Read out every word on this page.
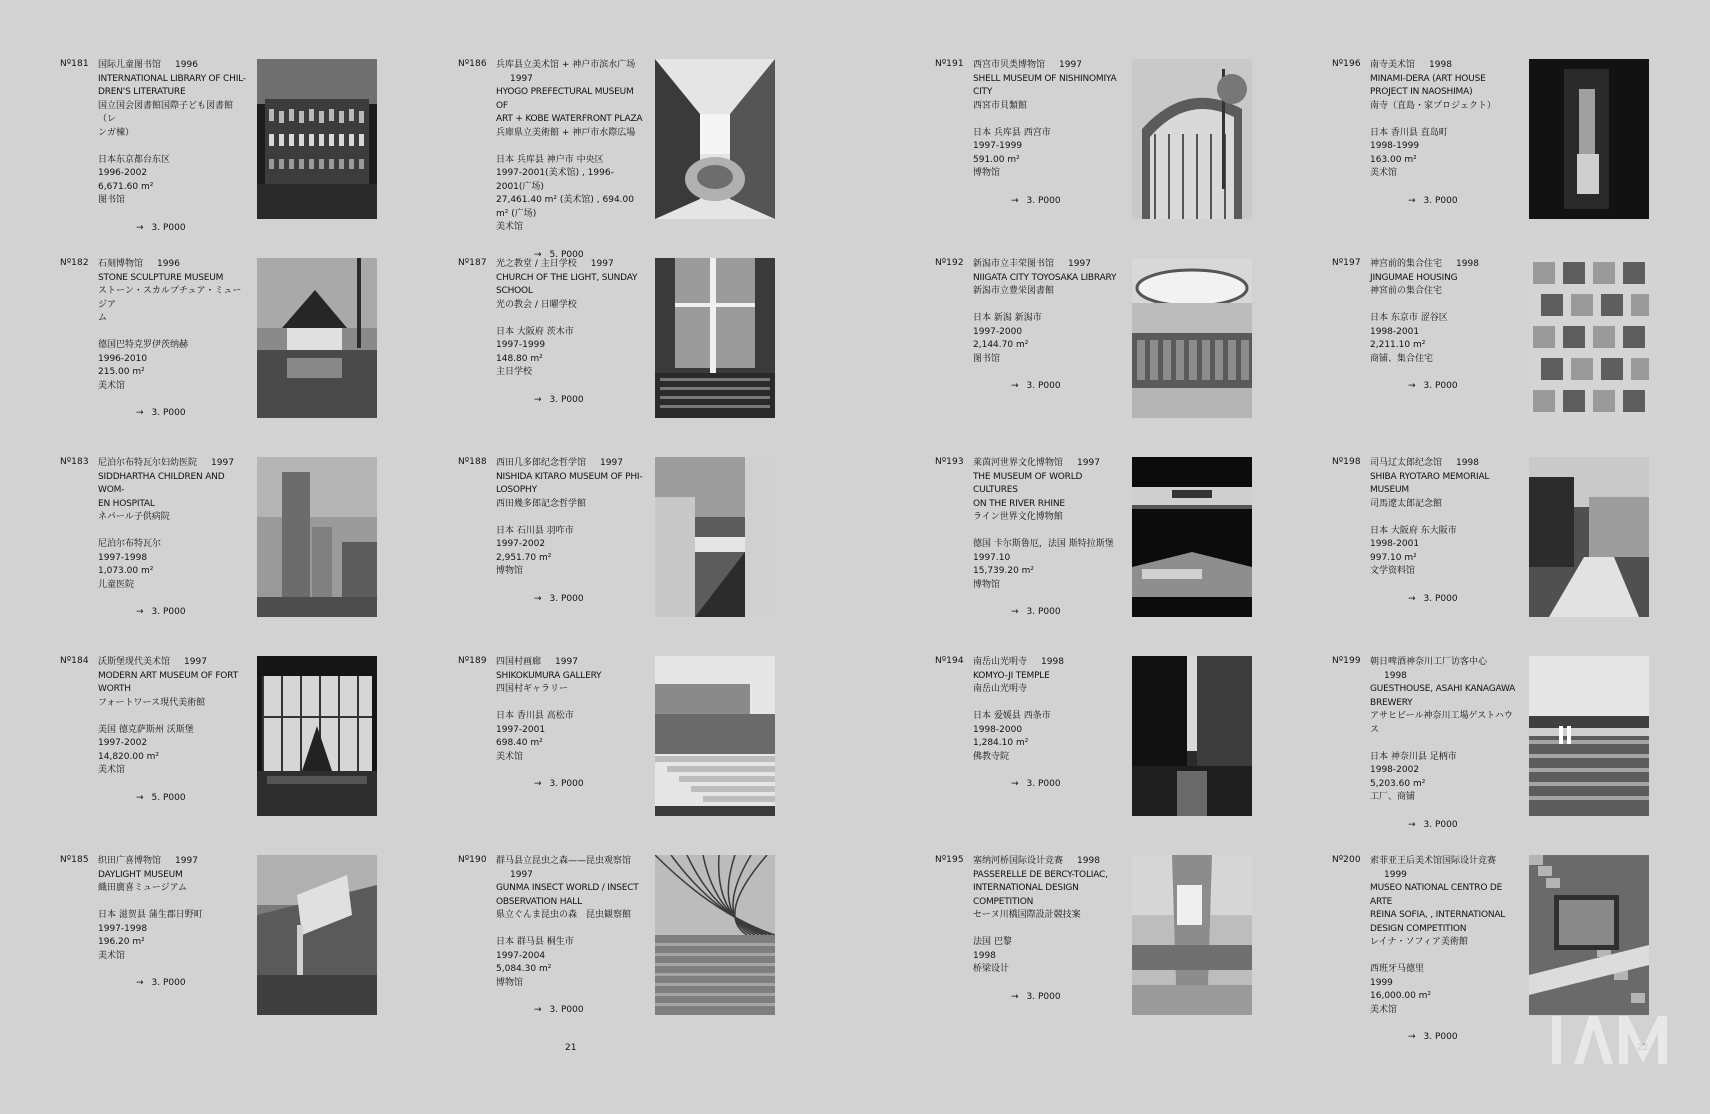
21
Nº181 国际儿童图书馆 1996
INTERNATIONAL LIBRARY OF CHIL-
DREN'S LITERATURE
国立国会図書館国際子ども図書館（レ
ンガ棟）
日本东京都台东区
1996-2002
6,671.60 m²
图书馆
→ 3. P000
Nº182 石刻博物馆 1996
STONE SCULPTURE MUSEUM
ストーン・スカルプチュア・ミュージア
ム
德国巴特克罗伊茨纳赫
1996-2010
215.00 m²
美术馆
→ 3. P000
Nº183 尼泊尔布特瓦尔妇幼医院 1997
SIDDHARTHA CHILDREN AND WOM-
EN HOSPITAL
ネパール子供病院
尼泊尔布特瓦尔
1997-1998
1,073.00 m²
儿童医院
→ 3. P000
Nº184 沃斯堡现代美术馆 1997
MODERN ART MUSEUM OF FORT
WORTH
フォートワース現代美術館
美国 德克萨斯州 沃斯堡
1997-2002
14,820.00 m²
美术馆
→ 5. P000
Nº185 织田广喜博物馆 1997
DAYLIGHT MUSEUM
織田廣喜ミュージアム
日本 滋贺县 蒲生郡日野町
1997-1998
196.20 m²
美术馆
→ 3. P000
Nº186 兵库县立美术馆 + 神户市滨水广场1997
HYOGO PREFECTURAL MUSEUM OF
ART + KOBE WATERFRONT PLAZA
兵庫県立美術館 + 神戸市水際広場
日本 兵库县 神户市 中央区
1997-2001(美术馆) , 1996-2001(广场)
27,461.40 m² (美术馆) , 694.00 m² (广场)
美术馆
→ 5. P000
Nº187 光之教堂 / 主日学校 1997
CHURCH OF THE LIGHT, SUNDAY
SCHOOL
光の教会 / 日曜学校
日本 大阪府 茨木市
1997-1999
148.80 m²
主日学校
→ 3. P000
Nº188 西田几多郎纪念哲学馆 1997
NISHIDA KITARO MUSEUM OF PHI-
LOSOPHY
西田幾多郎記念哲学館
日本 石川县 羽咋市
1997-2002
2,951.70 m²
博物馆
→ 3. P000
Nº189 四国村画廊 1997
SHIKOKUMURA GALLERY
四国村ギャラリー
日本 香川县 高松市
1997-2001
698.40 m²
美术馆
→ 3. P000
Nº190 群马县立昆虫之森——昆虫观察馆1997
GUNMA INSECT WORLD / INSECT
OBSERVATION HALL
県立ぐんま昆虫の森　昆虫観察館
日本 群马县 桐生市
1997-2004
5,084.30 m²
博物馆
→ 3. P000
Nº191 西宫市贝类博物馆 1997
SHELL MUSEUM OF NISHINOMIYA
CITY
西宮市貝類館
日本 兵库县 西宫市
1997-1999
591.00 m²
博物馆
→ 3. P000
Nº192 新潟市立丰荣图书馆 1997
NIIGATA CITY TOYOSAKA LIBRARY
新潟市立豊栄図書館
日本 新潟 新潟市
1997-2000
2,144.70 m²
图书馆
→ 3. P000
Nº193 莱茵河世界文化博物馆 1997
THE MUSEUM OF WORLD CULTURES
ON THE RIVER RHINE
ライン世界文化博物館
德国 卡尔斯鲁厄，法国 斯特拉斯堡
1997.10
15,739.20 m²
博物馆
→ 3. P000
Nº194 南岳山光明寺 1998
KOMYO-JI TEMPLE
南岳山光明寺
日本 爱媛县 西条市
1998-2000
1,284.10 m²
佛教寺院
→ 3. P000
Nº195 塞纳河桥国际设计竞赛 1998
PASSERELLE DE BERCY-TOLIAC,
INTERNATIONAL DESIGN
COMPETITION
セーヌ川橋国際設計競技案
法国 巴黎
1998
桥梁设计
→ 3. P000
Nº196 南寺美术馆 1998
MINAMI-DERA (ART HOUSE
PROJECT IN NAOSHIMA)
南寺（直島・家プロジェクト）
日本 香川县 直岛町
1998-1999
163.00 m²
美术馆
→ 3. P000
Nº197 神宫前的集合住宅 1998
JINGUMAE HOUSING
神宮前の集合住宅
日本 东京市 涩谷区
1998-2001
2,211.10 m²
商铺、集合住宅
→ 3. P000
Nº198 司马辽太郎纪念馆 1998
SHIBA RYOTARO MEMORIAL
MUSEUM
司馬遼太郎記念館
日本 大阪府 东大阪市
1998-2001
997.10 m²
文学资料馆
→ 3. P000
Nº199 朝日啤酒神奈川工厂访客中心1998
GUESTHOUSE, ASAHI KANAGAWA
BREWERY
アサヒビール神奈川工場ゲストハウス
日本 神奈川县 足柄市
1998-2002
5,203.60 m²
工厂、商铺
→ 3. P000
Nº200 索菲亚王后美术馆国际设计竞赛1999
MUSEO NATIONAL CENTRO DE ARTE
REINA SOFIA, , INTERNATIONAL
DESIGN COMPETITION
レイナ・ソフィア美術館
西班牙马德里
1999
16,000.00 m²
美术馆
→ 3. P000
